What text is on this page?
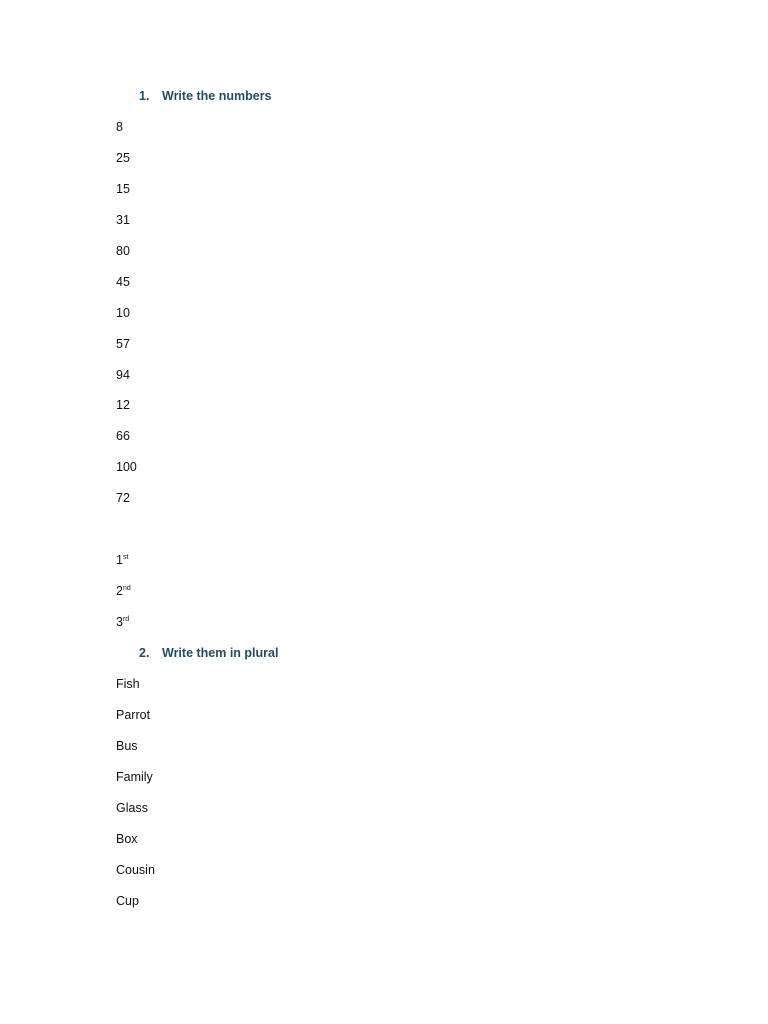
1. Write the numbers
8
25
15
31
80
45
10
57
94
12
66
100
72
1st
2nd
3rd
2. Write them in plural
Fish
Parrot
Bus
Family
Glass
Box
Cousin
Cup
